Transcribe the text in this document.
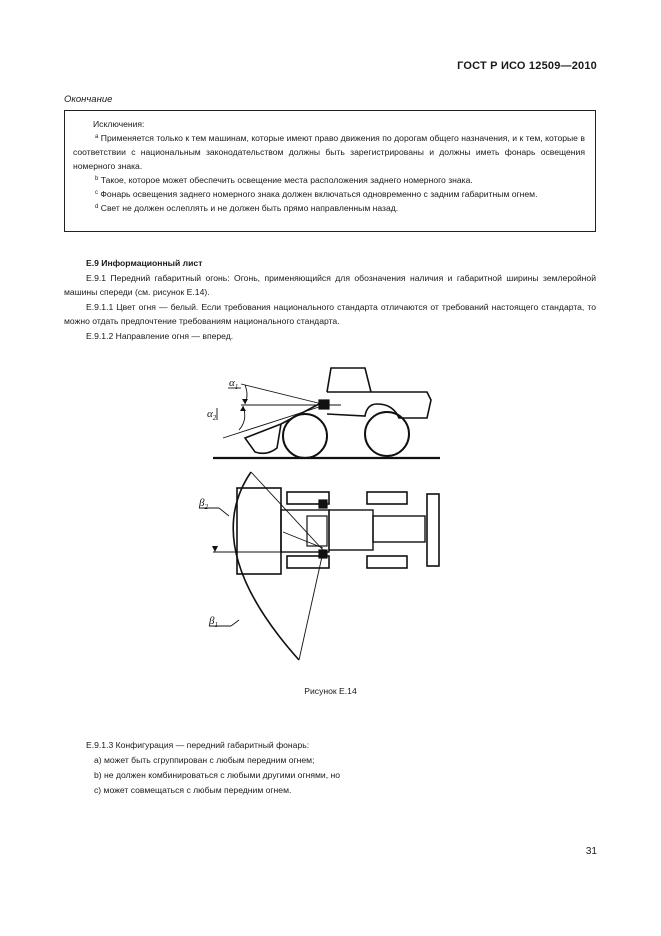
ГОСТ Р ИСО 12509—2010
Окончание

Исключения:

$^а$ Применяется только к тем машинам, которые имеют право движения по дорогам общего назначения, и к тем, которые в соответствии с национальным законодательством должны быть зарегистрированы и должны иметь фонарь освещения номерного знака.

$^b$ Такое, которое может обеспечить освещение места расположения заднего номерного знака.

$^с$ Фонарь освещения заднего номерного знака должен включаться одновременно с задним габаритным огнем.

$^d$ Свет не должен ослеплять и не должен быть прямо направленным назад.

Е.9 Информационный лист

Е.9.1 Передний габаритный огонь: Огонь, применяющийся для обозначения наличия и габаритной ширины землеройной машины спереди (см. рисунок Е.14).

Е.9.1.1 Цвет огня — белый. Если требования национального стандарта отличаются от требований настоящего стандарта, то можно отдать предпочтение требованиям национального стандарта.

Е.9.1.2 Направление огня — вперед.

$\alpha_1$
$\alpha_2$
$\beta_2$
$\beta_1$
Рисунок Е.14

Е.9.1.3 Конфигурация — передний габаритный фонарь:

а) может быть сгруппирован с любым передним огнем;

b) не должен комбинироваться с любыми другими огнями, но

с) может совмещаться с любым передним огнем.

31
